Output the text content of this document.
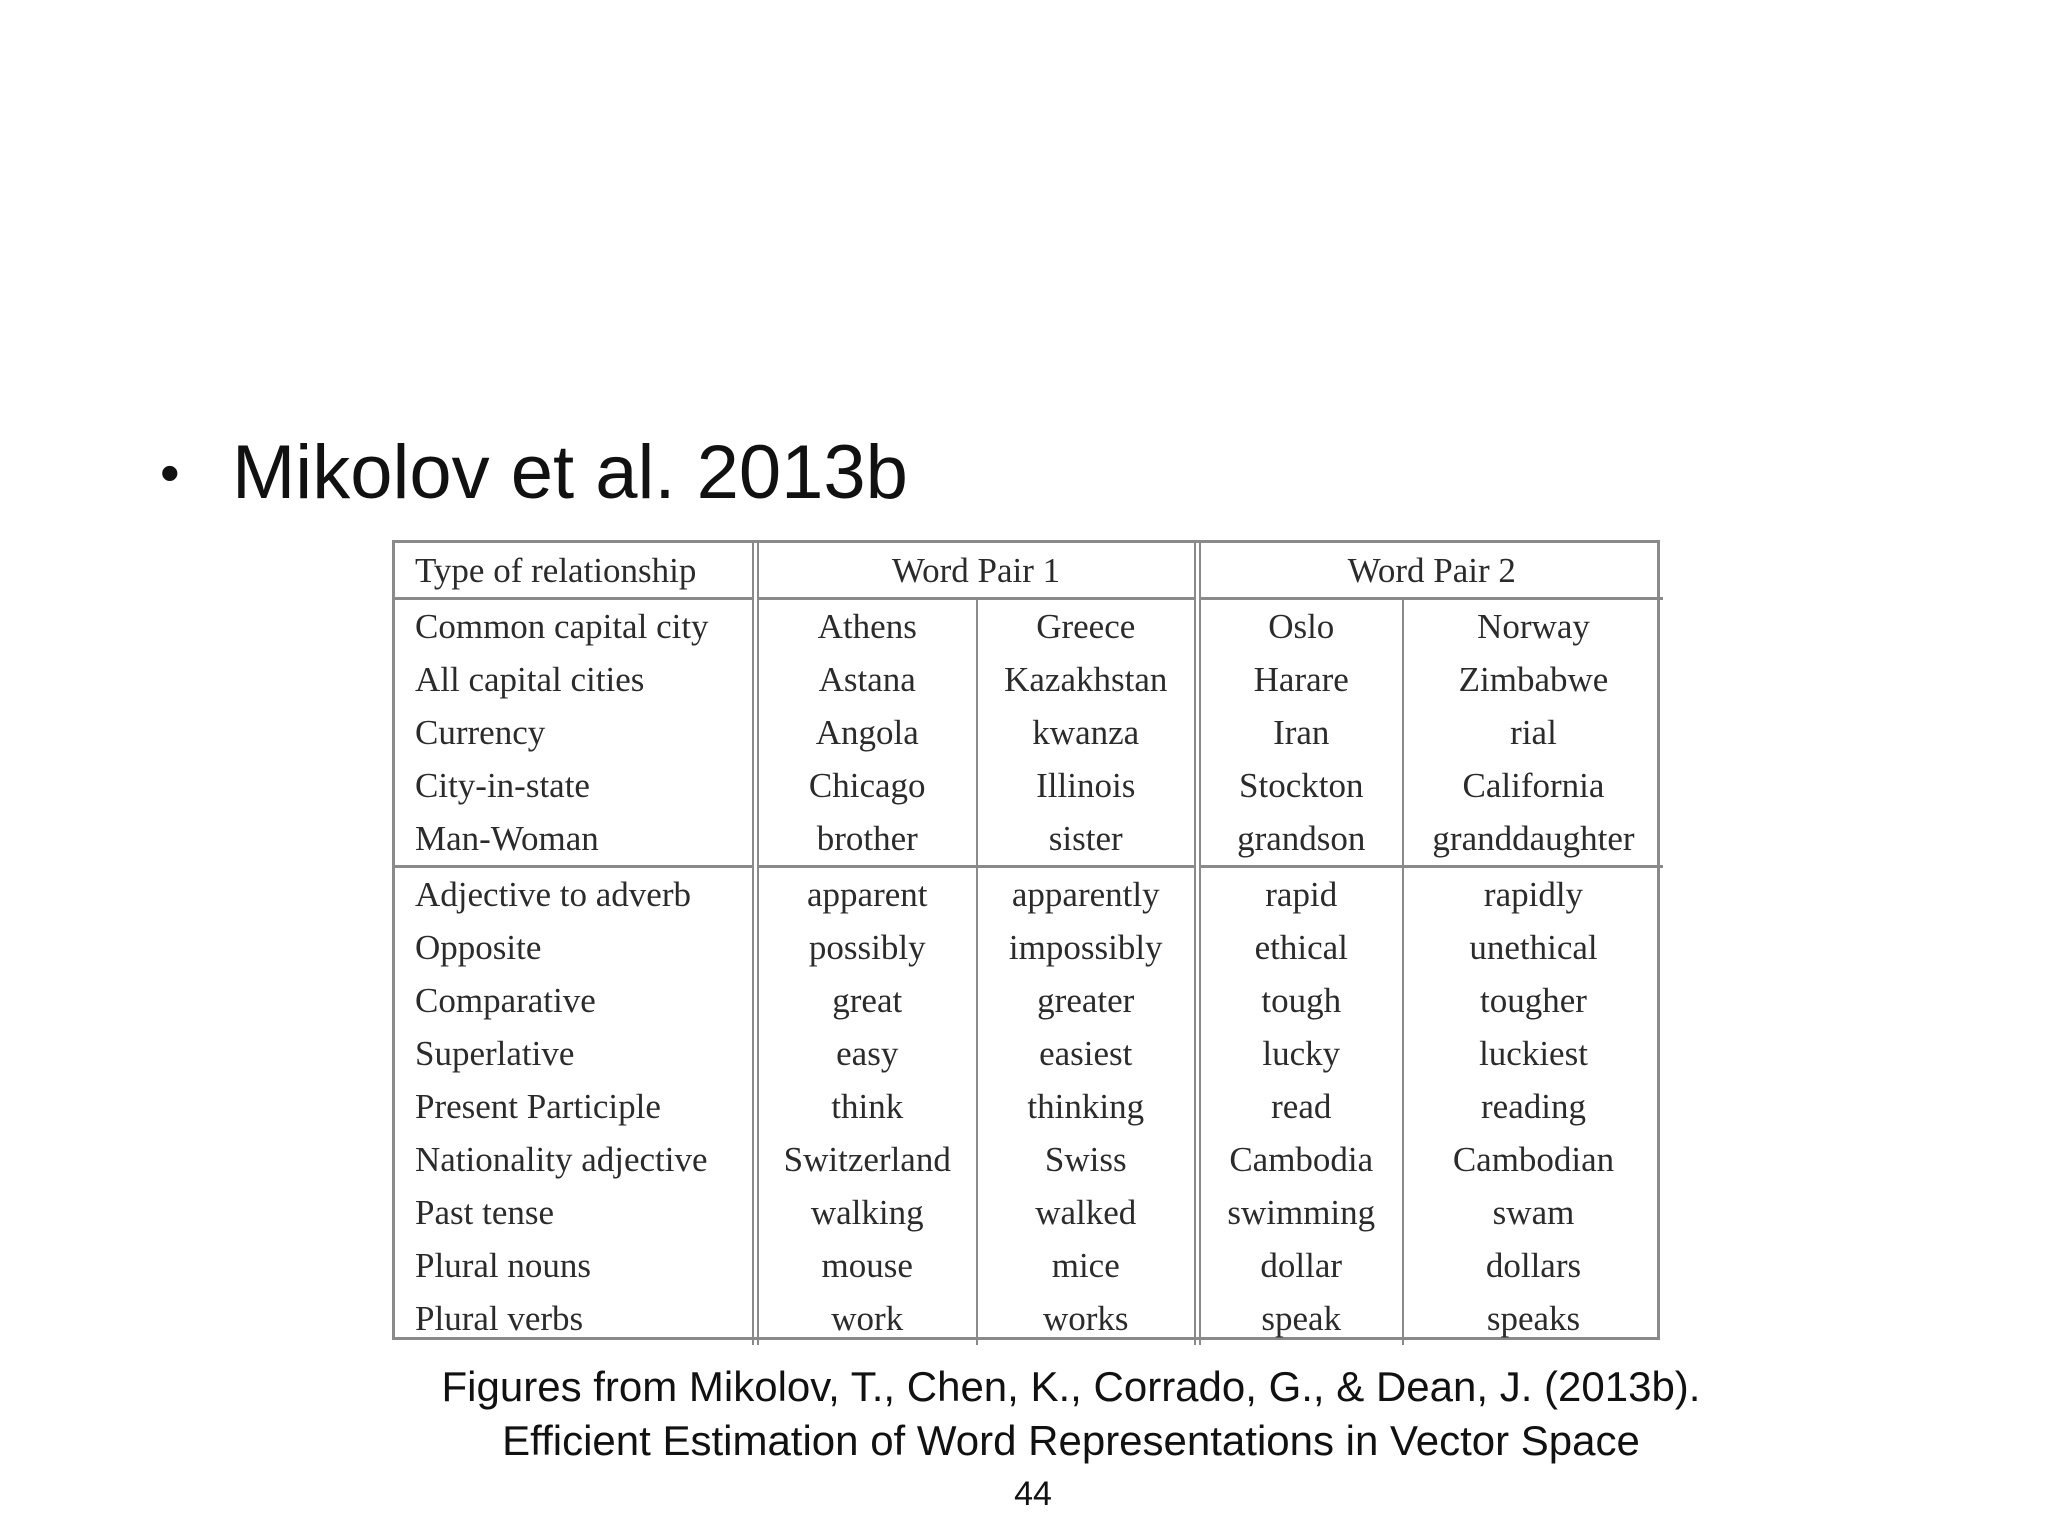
• Mikolov et al. 2013b
Type of relationship	Word Pair 1		Word Pair 2	
Common capital city	Athens	Greece	Oslo	Norway
All capital cities	Astana	Kazakhstan	Harare	Zimbabwe
Currency	Angola	kwanza	Iran	rial
City-in-state	Chicago	Illinois	Stockton	California
Man-Woman	brother	sister	grandson	granddaughter
Adjective to adverb	apparent	apparently	rapid	rapidly
Opposite	possibly	impossibly	ethical	unethical
Comparative	great	greater	tough	tougher
Superlative	easy	easiest	lucky	luckiest
Present Participle	think	thinking	read	reading
Nationality adjective	Switzerland	Swiss	Cambodia	Cambodian
Past tense	walking	walked	swimming	swam
Plural nouns	mouse	mice	dollar	dollars
Plural verbs	work	works	speak	speaks
Figures from Mikolov, T., Chen, K., Corrado, G., & Dean, J. (2013b).
Efficient Estimation of Word Representations in Vector Space
44
